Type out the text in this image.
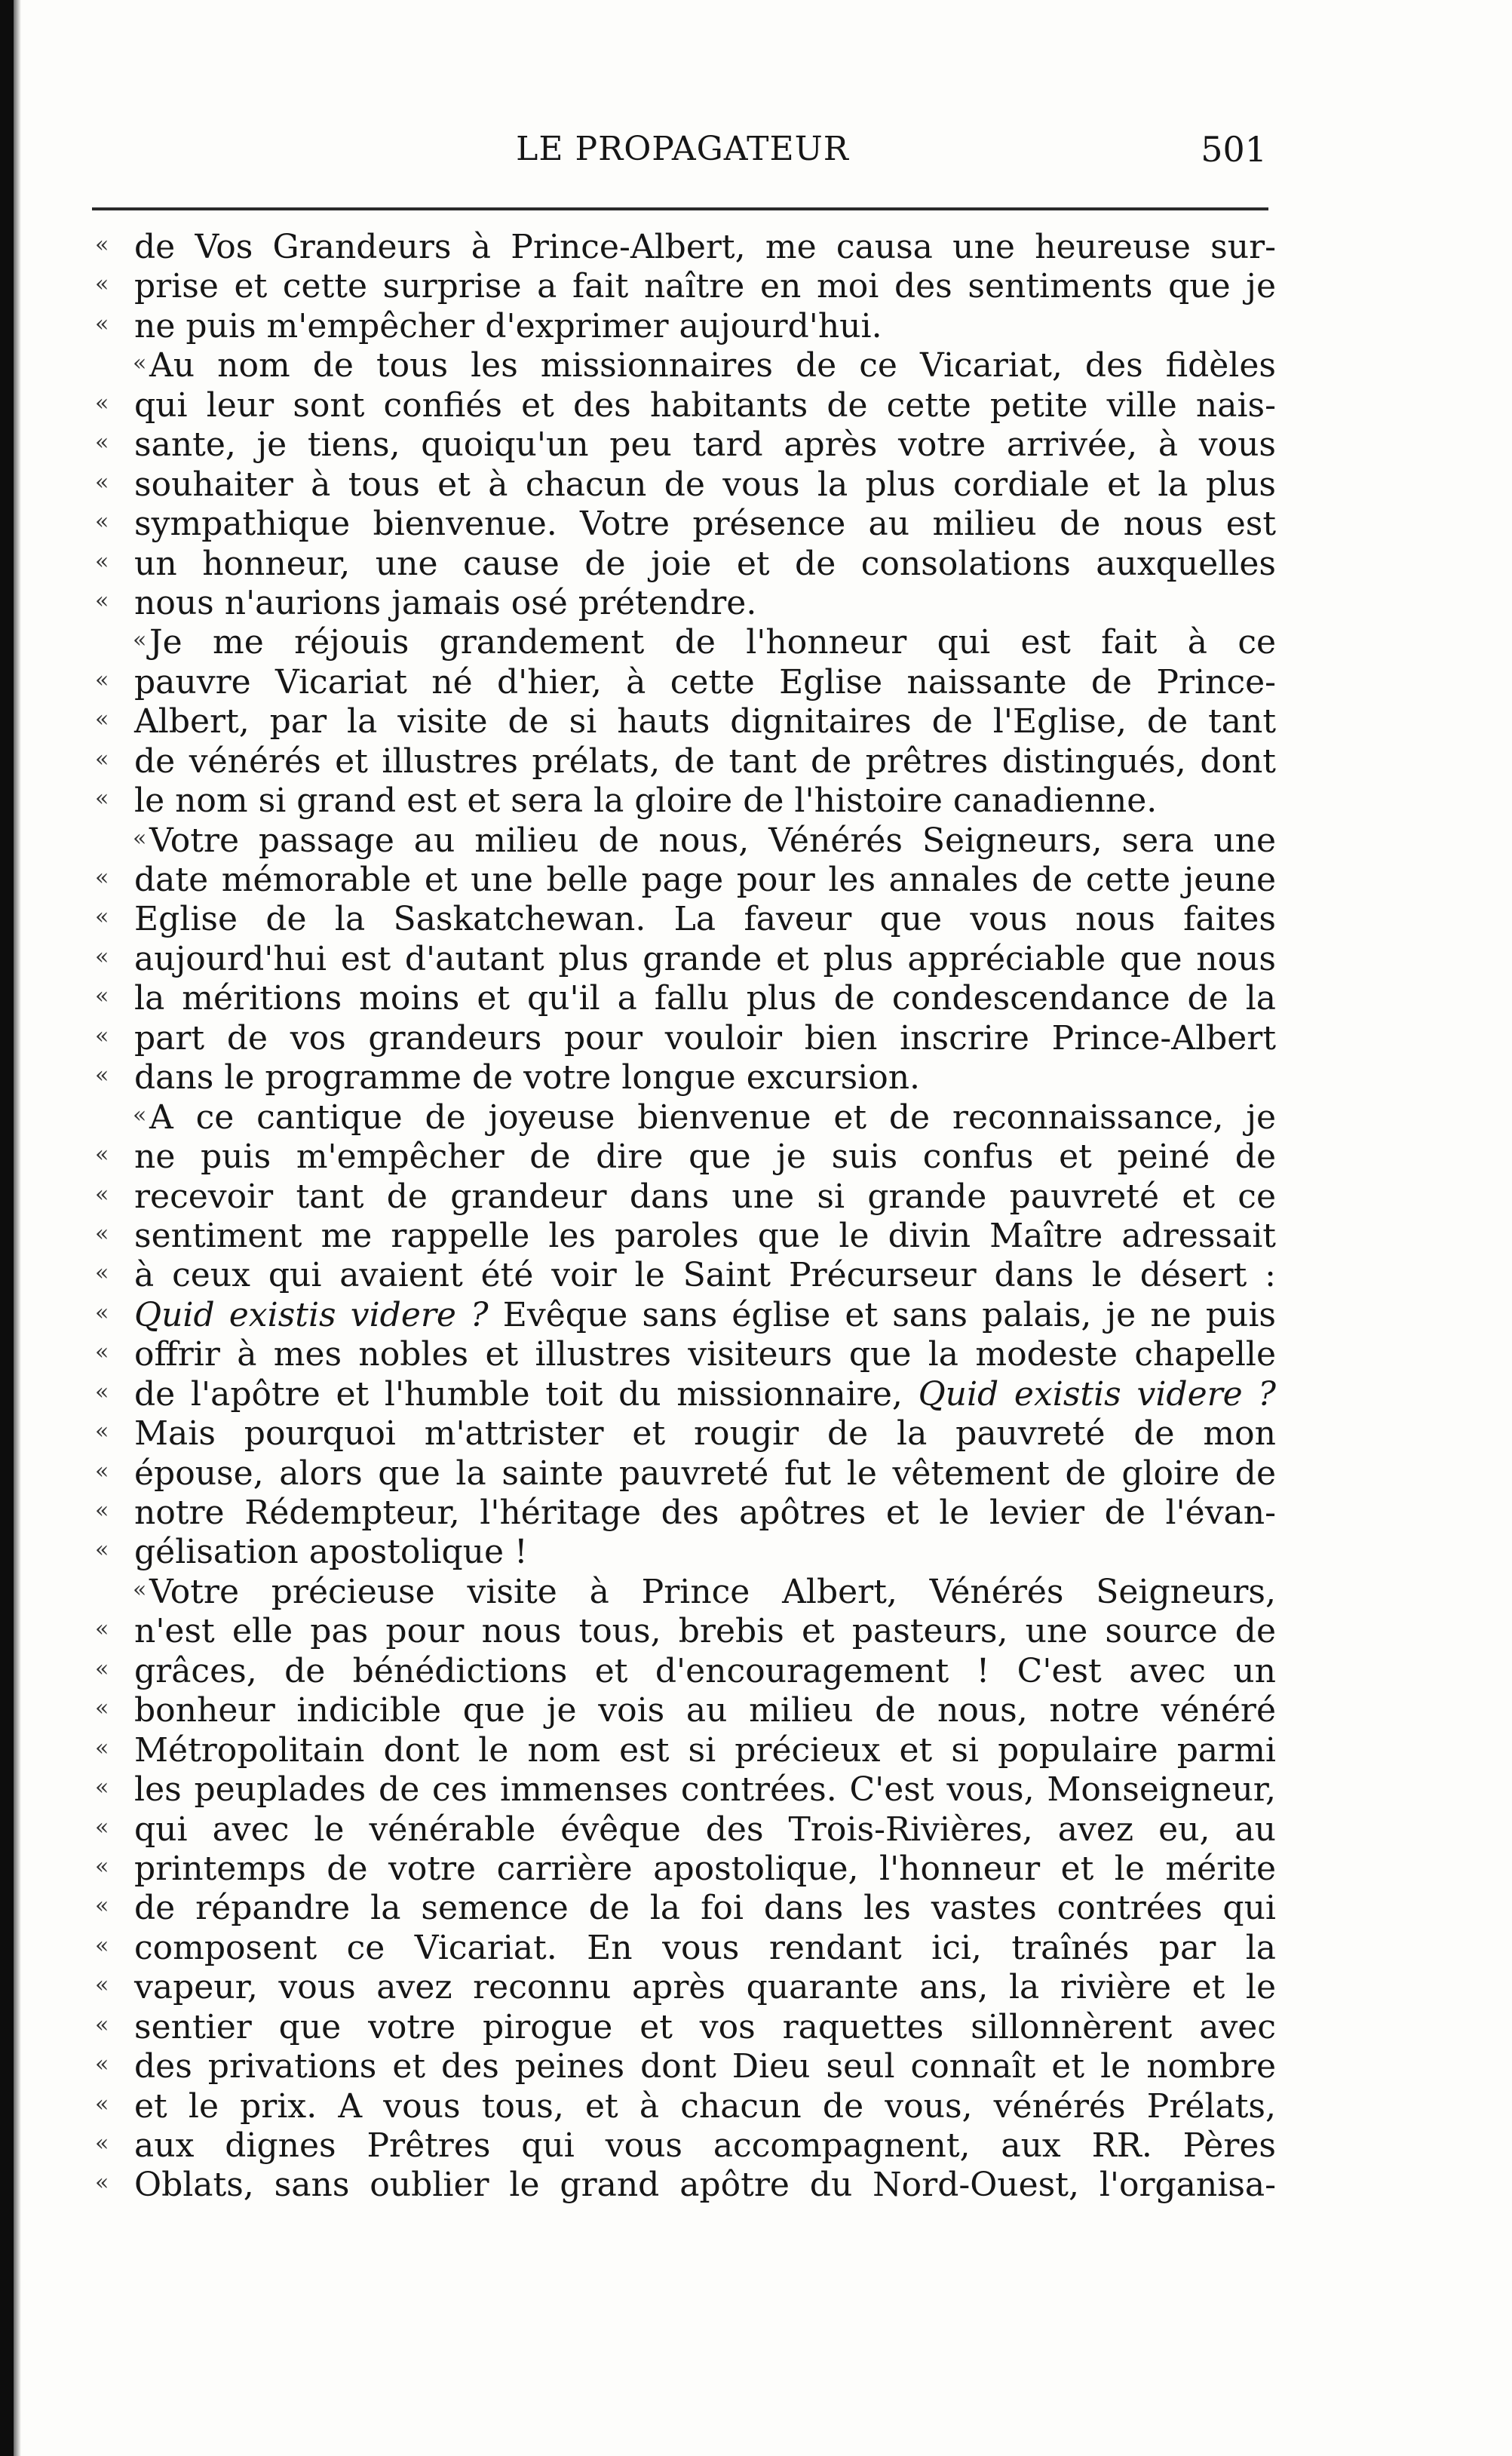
LE PROPAGATEUR	501
« de Vos Grandeurs à Prince-Albert, me causa une heureuse sur-
« prise et cette surprise a fait naître en moi des sentiments que je
« ne puis m'empêcher d'exprimer aujourd'hui.
« Au nom de tous les missionnaires de ce Vicariat, des fidèles
« qui leur sont confiés et des habitants de cette petite ville nais-
« sante, je tiens, quoiqu'un peu tard après votre arrivée, à vous
« souhaiter à tous et à chacun de vous la plus cordiale et la plus
« sympathique bienvenue. Votre présence au milieu de nous est
« un honneur, une cause de joie et de consolations auxquelles
« nous n'aurions jamais osé prétendre.
« Je me réjouis grandement de l'honneur qui est fait à ce
« pauvre Vicariat né d'hier, à cette Eglise naissante de Prince-
« Albert, par la visite de si hauts dignitaires de l'Eglise, de tant
« de vénérés et illustres prélats, de tant de prêtres distingués, dont
« le nom si grand est et sera la gloire de l'histoire canadienne.
« Votre passage au milieu de nous, Vénérés Seigneurs, sera une
« date mémorable et une belle page pour les annales de cette jeune
« Eglise de la Saskatchewan. La faveur que vous nous faites
« aujourd'hui est d'autant plus grande et plus appréciable que nous
« la méritions moins et qu'il a fallu plus de condescendance de la
« part de vos grandeurs pour vouloir bien inscrire Prince-Albert
« dans le programme de votre longue excursion.
« A ce cantique de joyeuse bienvenue et de reconnaissance, je
« ne puis m'empêcher de dire que je suis confus et peiné de
« recevoir tant de grandeur dans une si grande pauvreté et ce
« sentiment me rappelle les paroles que le divin Maître adressait
« à ceux qui avaient été voir le Saint Précurseur dans le désert :
« Quid existis videre ? Evêque sans église et sans palais, je ne puis
« offrir à mes nobles et illustres visiteurs que la modeste chapelle
« de l'apôtre et l'humble toit du missionnaire, Quid existis videre ?
« Mais pourquoi m'attrister et rougir de la pauvreté de mon
« épouse, alors que la sainte pauvreté fut le vêtement de gloire de
« notre Rédempteur, l'héritage des apôtres et le levier de l'évan-
« gélisation apostolique !
« Votre précieuse visite à Prince Albert, Vénérés Seigneurs,
« n'est elle pas pour nous tous, brebis et pasteurs, une source de
« grâces, de bénédictions et d'encouragement ! C'est avec un
« bonheur indicible que je vois au milieu de nous, notre vénéré
« Métropolitain dont le nom est si précieux et si populaire parmi
« les peuplades de ces immenses contrées. C'est vous, Monseigneur,
« qui avec le vénérable évêque des Trois-Rivières, avez eu, au
« printemps de votre carrière apostolique, l'honneur et le mérite
« de répandre la semence de la foi dans les vastes contrées qui
« composent ce Vicariat. En vous rendant ici, traînés par la
« vapeur, vous avez reconnu après quarante ans, la rivière et le
« sentier que votre pirogue et vos raquettes sillonnèrent avec
« des privations et des peines dont Dieu seul connaît et le nombre
« et le prix. A vous tous, et à chacun de vous, vénérés Prélats,
« aux dignes Prêtres qui vous accompagnent, aux RR. Pères
« Oblats, sans oublier le grand apôtre du Nord-Ouest, l'organisa-
